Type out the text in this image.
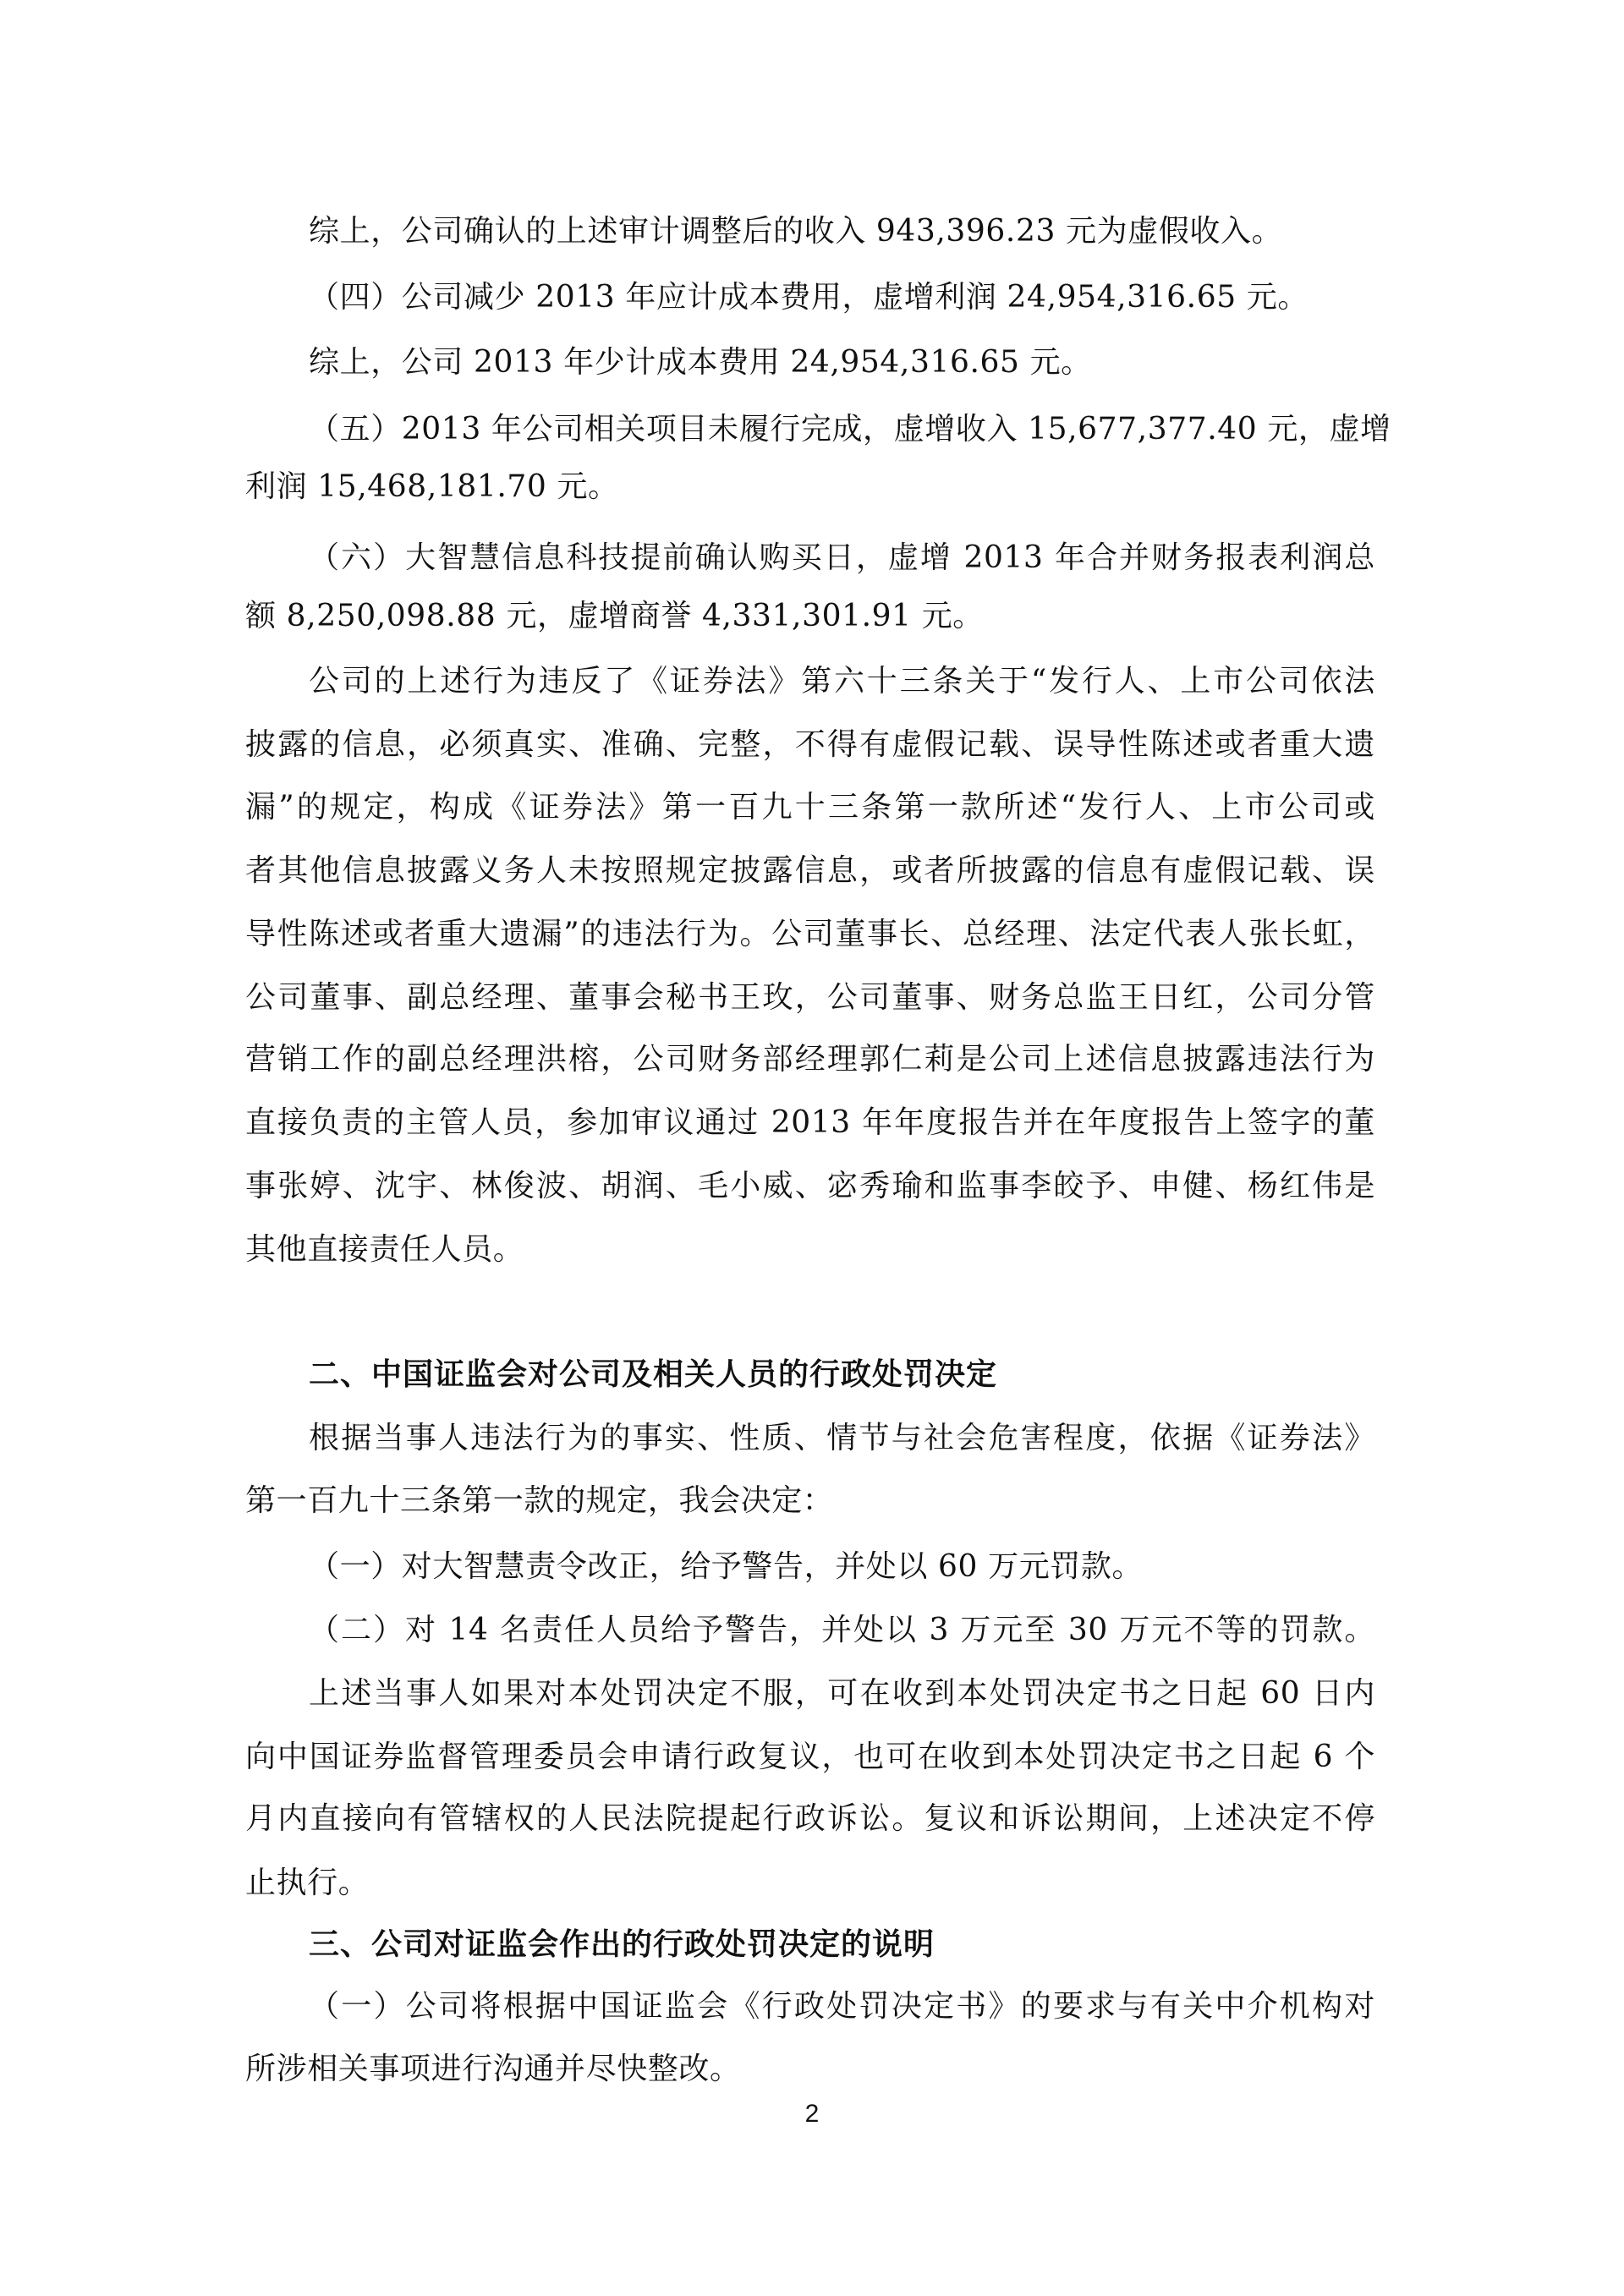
综上，公司确认的上述审计调整后的收入 943,396.23 元为虚假收入。
（四）公司减少 2013 年应计成本费用，虚增利润 24,954,316.65 元。
综上，公司 2013 年少计成本费用 24,954,316.65 元。
（五）2013 年公司相关项目未履行完成，虚增收入 15,677,377.40 元，虚增
利润 15,468,181.70 元。
（六）大智慧信息科技提前确认购买日，虚增 2013 年合并财务报表利润总
额 8,250,098.88 元，虚增商誉 4,331,301.91 元。
公司的上述行为违反了《证券法》第六十三条关于“发行人、上市公司依法
披露的信息，必须真实、准确、完整，不得有虚假记载、误导性陈述或者重大遗
漏”的规定，构成《证券法》第一百九十三条第一款所述“发行人、上市公司或
者其他信息披露义务人未按照规定披露信息，或者所披露的信息有虚假记载、误
导性陈述或者重大遗漏”的违法行为。公司董事长、总经理、法定代表人张长虹，
公司董事、副总经理、董事会秘书王玫，公司董事、财务总监王日红，公司分管
营销工作的副总经理洪榕，公司财务部经理郭仁莉是公司上述信息披露违法行为
直接负责的主管人员，参加审议通过 2013 年年度报告并在年度报告上签字的董
事张婷、沈宇、林俊波、胡润、毛小威、宓秀瑜和监事李皎予、申健、杨红伟是
其他直接责任人员。
二、中国证监会对公司及相关人员的行政处罚决定
根据当事人违法行为的事实、性质、情节与社会危害程度，依据《证券法》
第一百九十三条第一款的规定，我会决定：
（一）对大智慧责令改正，给予警告，并处以 60 万元罚款。
（二）对 14 名责任人员给予警告，并处以 3 万元至 30 万元不等的罚款。
上述当事人如果对本处罚决定不服，可在收到本处罚决定书之日起 60 日内
向中国证券监督管理委员会申请行政复议，也可在收到本处罚决定书之日起 6 个
月内直接向有管辖权的人民法院提起行政诉讼。复议和诉讼期间，上述决定不停
止执行。
三、公司对证监会作出的行政处罚决定的说明
（一）公司将根据中国证监会《行政处罚决定书》的要求与有关中介机构对
所涉相关事项进行沟通并尽快整改。
2
